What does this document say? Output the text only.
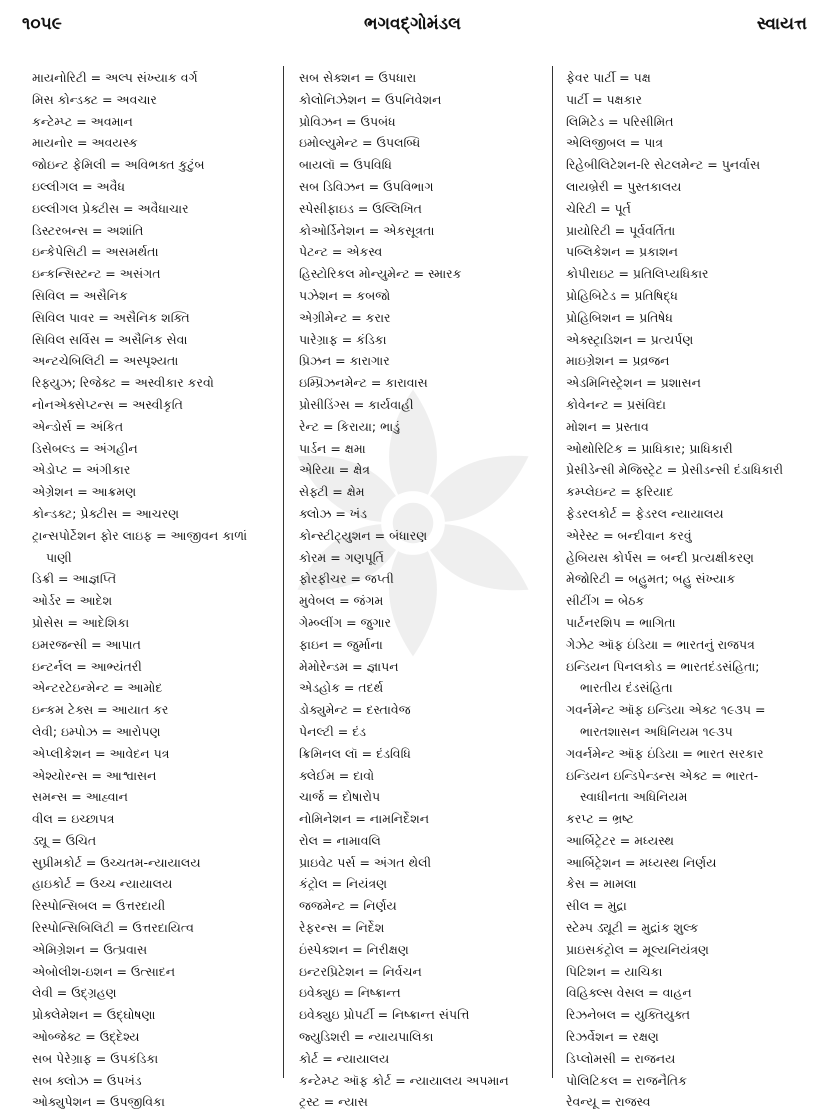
૧૦૫૯	ભગવદ્ગોમંડલ	સ્વાયત્ત
માયનોરિટી = અલ્પ સંખ્યાક વર્ગ
મિસ કોન્ડક્ટ = અવચાર
કન્ટેમ્પ્ટ = અવમાન
માયનોર = અવયસ્ક
જોઇન્ટ ફેમિલી = અવિભક્ત કુટુંબ
ઇલ્લીગલ = અવૈધ
ઇલ્લીગલ પ્રેક્ટીસ = અવૈધાચાર
ડિસ્ટરબન્સ = અશાંતિ
ઇન્કેપેસિટી = અસમર્થતા
ઇન્કન્સિસ્ટન્ટ = અસંગત
સિવિલ = અસૈનિક
સિવિલ પાવર = અસૈનિક શક્તિ
સિવિલ સર્વિસ = અસૈનિક સેવા
અન્ટચેબિલિટી = અસ્પૃશ્યતા
રિફ્યુઝ; રિજેક્ટ = અસ્વીકાર કરવો
નોનએક્સેપ્ટન્સ = અસ્વીકૃતિ
એન્ડોર્સ = અંકિત
ડિસેબલ્ડ = અંગહીન
એડોપ્ટ = અંગીકાર
એગ્રેશન = આક્રમણ
કોન્ડક્ટ; પ્રેક્ટીસ = આચરણ
ટ્રાન્સપોર્ટેશન ફોર લાઇફ = આજીવન કાળાં
પાણી
ડિક્રી = આજ્ઞપ્તિ
ઓર્ડર = આદેશ
પ્રોસેસ = આદેશિકા
ઇમરજન્સી = આપાત
ઇન્ટર્નલ = આભ્યંતરી
એન્ટરટેઇન્મેન્ટ = આમોદ
ઇન્કમ ટેક્સ = આયાત કર
લેવી; ઇમ્પોઝ = આરોપણ
એપ્લીકેશન = આવેદન પત્ર
એશ્યોરન્સ = આશ્વાસન
સમન્સ = આહ્વાન
વીલ = ઇચ્છાપત્ર
ડ્યૂ = ઉચિત
સુપ્રીમકોર્ટ = ઉચ્ચતમ-ન્યાયાલય
હાઇકોર્ટ = ઉચ્ચ ન્યાયાલય
રિસ્પોન્સિબલ = ઉત્તરદાયી
રિસ્પોન્સિબિલિટી = ઉત્તરદાયિત્વ
એમિગ્રેશન = ઉત્પ્રવાસ
એબોલીશ-ઇશન = ઉત્સાદન
લેવી = ઉદ્ગ્રહણ
પ્રોક્લેમેશન = ઉદ્ઘોષણા
ઓબ્જેક્ટ = ઉદ્દેશ્ય
સબ પેરેગ્રાફ = ઉપકંડિકા
સબ ક્લોઝ = ઉપખંડ
ઓક્યુપેશન = ઉપજીવિકા
સબ સેક્શન = ઉપધારા
કોલોનિઝેશન = ઉપનિવેશન
પ્રોવિઝન = ઉપબંધ
ઇમોલ્યુમેન્ટ = ઉપલબ્ધિ
બાયલૉ = ઉપવિધિ
સબ ડિવિઝન = ઉપવિભાગ
સ્પેસીફાઇડ = ઉલ્લિખિત
કોઓર્ડિનેશન = એકસૂત્રતા
પેટન્ટ = એકસ્વ
હિસ્ટોરિકલ મોન્યુમેન્ટ = સ્મારક
પઝેશન = કબજો
એગ્રીમેન્ટ = કરાર
પારેગ્રાફ = કંડિકા
પ્રિઝન = કારાગાર
ઇમ્પ્રિઝનમેન્ટ = કારાવાસ
પ્રોસીડિંગ્સ = કાર્યવાહી
રેન્ટ = કિરાયા; ભાડું
પાર્ડન = ક્ષમા
એરિયા = ક્ષેત્ર
સેફ્ટી = ક્ષેમ
ક્લોઝ = ખંડ
કોન્સ્ટીટ્યુશન = બંધારણ
કોરમ = ગણપૂર્તિ
ફોરફીચર = જપ્તી
મુવેબલ = જંગમ
ગેમ્બ્લીંગ = જુગાર
ફાઇન = જુર્માના
મેમોરેન્ડમ = જ્ઞાપન
એડહોક = તદર્થ
ડોક્યુમેન્ટ = દસ્તાવેજ
પેનલ્ટી = દંડ
ક્રિમિનલ લૉ = દંડવિધિ
ક્લેઈમ = દાવો
ચાર્જ = દોષારોપ
નોમિનેશન = નામનિર્દેશન
રોલ = નામાવલિ
પ્રાઇવેટ પર્સ = અંગત થેલી
કંટ્રોલ = નિયંત્રણ
જજમેન્ટ = નિર્ણય
રેફરન્સ = નિર્દેશ
ઇંસ્પેક્શન = નિરીક્ષણ
ઇન્ટરપ્રિટેશન = નિર્વચન
ઇવેક્યુઇ = નિષ્ક્રાન્ત
ઇવેક્યુઇ પ્રોપર્ટી = નિષ્ક્રાન્ત સંપત્તિ
જ્યુડિશરી = ન્યાયપાલિકા
કોર્ટ = ન્યાયાલય
કન્ટેમ્પ્ટ ઑફ કોર્ટ = ન્યાયાલય અપમાન
ટ્રસ્ટ = ન્યાસ
ફેવર પાર્ટી = પક્ષ
પાર્ટી = પક્ષકાર
લિમિટેડ = પરિસીમિત
એલિજીબલ = પાત્ર
રિહેબીલિટેશન-રિ સેટલમેન્ટ = પુનર્વાસ
લાયબ્રેરી = પુસ્તકાલય
ચેરિટી = પૂર્ત
પ્રાયોરિટી = પૂર્વવર્તિતા
પબ્લિકેશન = પ્રકાશન
કોપીરાઇટ = પ્રતિલિપ્યધિકાર
પ્રોહિબિટેડ = પ્રતિષિદ્ધ
પ્રોહિબિશન = પ્રતિષેધ
એક્સ્ટ્રાડિશન = પ્રત્યર્પણ
માઇગ્રેશન = પ્રવ્રજન
એડમિનિસ્ટ્રેશન = પ્રશાસન
કોવેનન્ટ = પ્રસંવિદા
મોશન = પ્રસ્તાવ
ઓથોરિટિક = પ્રાધિકાર; પ્રાધિકારી
પ્રેસીડેન્સી મેજિસ્ટ્રેટ = પ્રેસીડન્સી દંડાધિકારી
કમ્પ્લેઇન્ટ = ફરિયાદ
ફેડરલકોર્ટ = ફેડરલ ન્યાયાલય
એરેસ્ટ = બન્દીવાન કરવું
હેબિયસ કોર્પસ = બન્દી પ્રત્યક્ષીકરણ
મેજોરિટી = બહુમત; બહુ સંખ્યાક
સીટીંગ = બેઠક
પાર્ટનરશિપ = ભાગિતા
ગેઝેટ ઑફ ઇંડિયા = ભારતનું રાજપત્ર
ઇન્ડિયન પિનલકોડ = ભારતદંડસંહિતા;
ભારતીય દંડસંહિતા
ગવર્નમેન્ટ ઑફ ઇન્ડિયા એક્ટ ૧૯૩૫ =
ભારતશાસન અધિનિયમ ૧૯૩૫
ગવર્નમેન્ટ ઑફ ઇંડિયા = ભારત સરકાર
ઇન્ડિયન ઇન્ડિપેન્ડન્સ એક્ટ = ભારત-
સ્વાધીનતા અધિનિયમ
કરપ્ટ = ભ્રષ્ટ
આર્બિટ્રેટર = મધ્યસ્થ
આર્બિટ્રેશન = મધ્યસ્થ નિર્ણય
કેસ = મામલા
સીલ = મુદ્રા
સ્ટેમ્પ ડ્યૂટી = મુદ્રાંક શુલ્ક
પ્રાઇસકંટ્રોલ = મૂલ્યનિયંત્રણ
પિટિશન = યાચિકા
વિહિક્લ્સ વેસલ = વાહન
રિઝનેબલ = યુક્તિયુક્ત
રિઝર્વેશન = રક્ષણ
ડિપ્લોમસી = રાજનય
પોલિટિકલ = રાજનૈતિક
રેવન્યૂ = રાજસ્વ
